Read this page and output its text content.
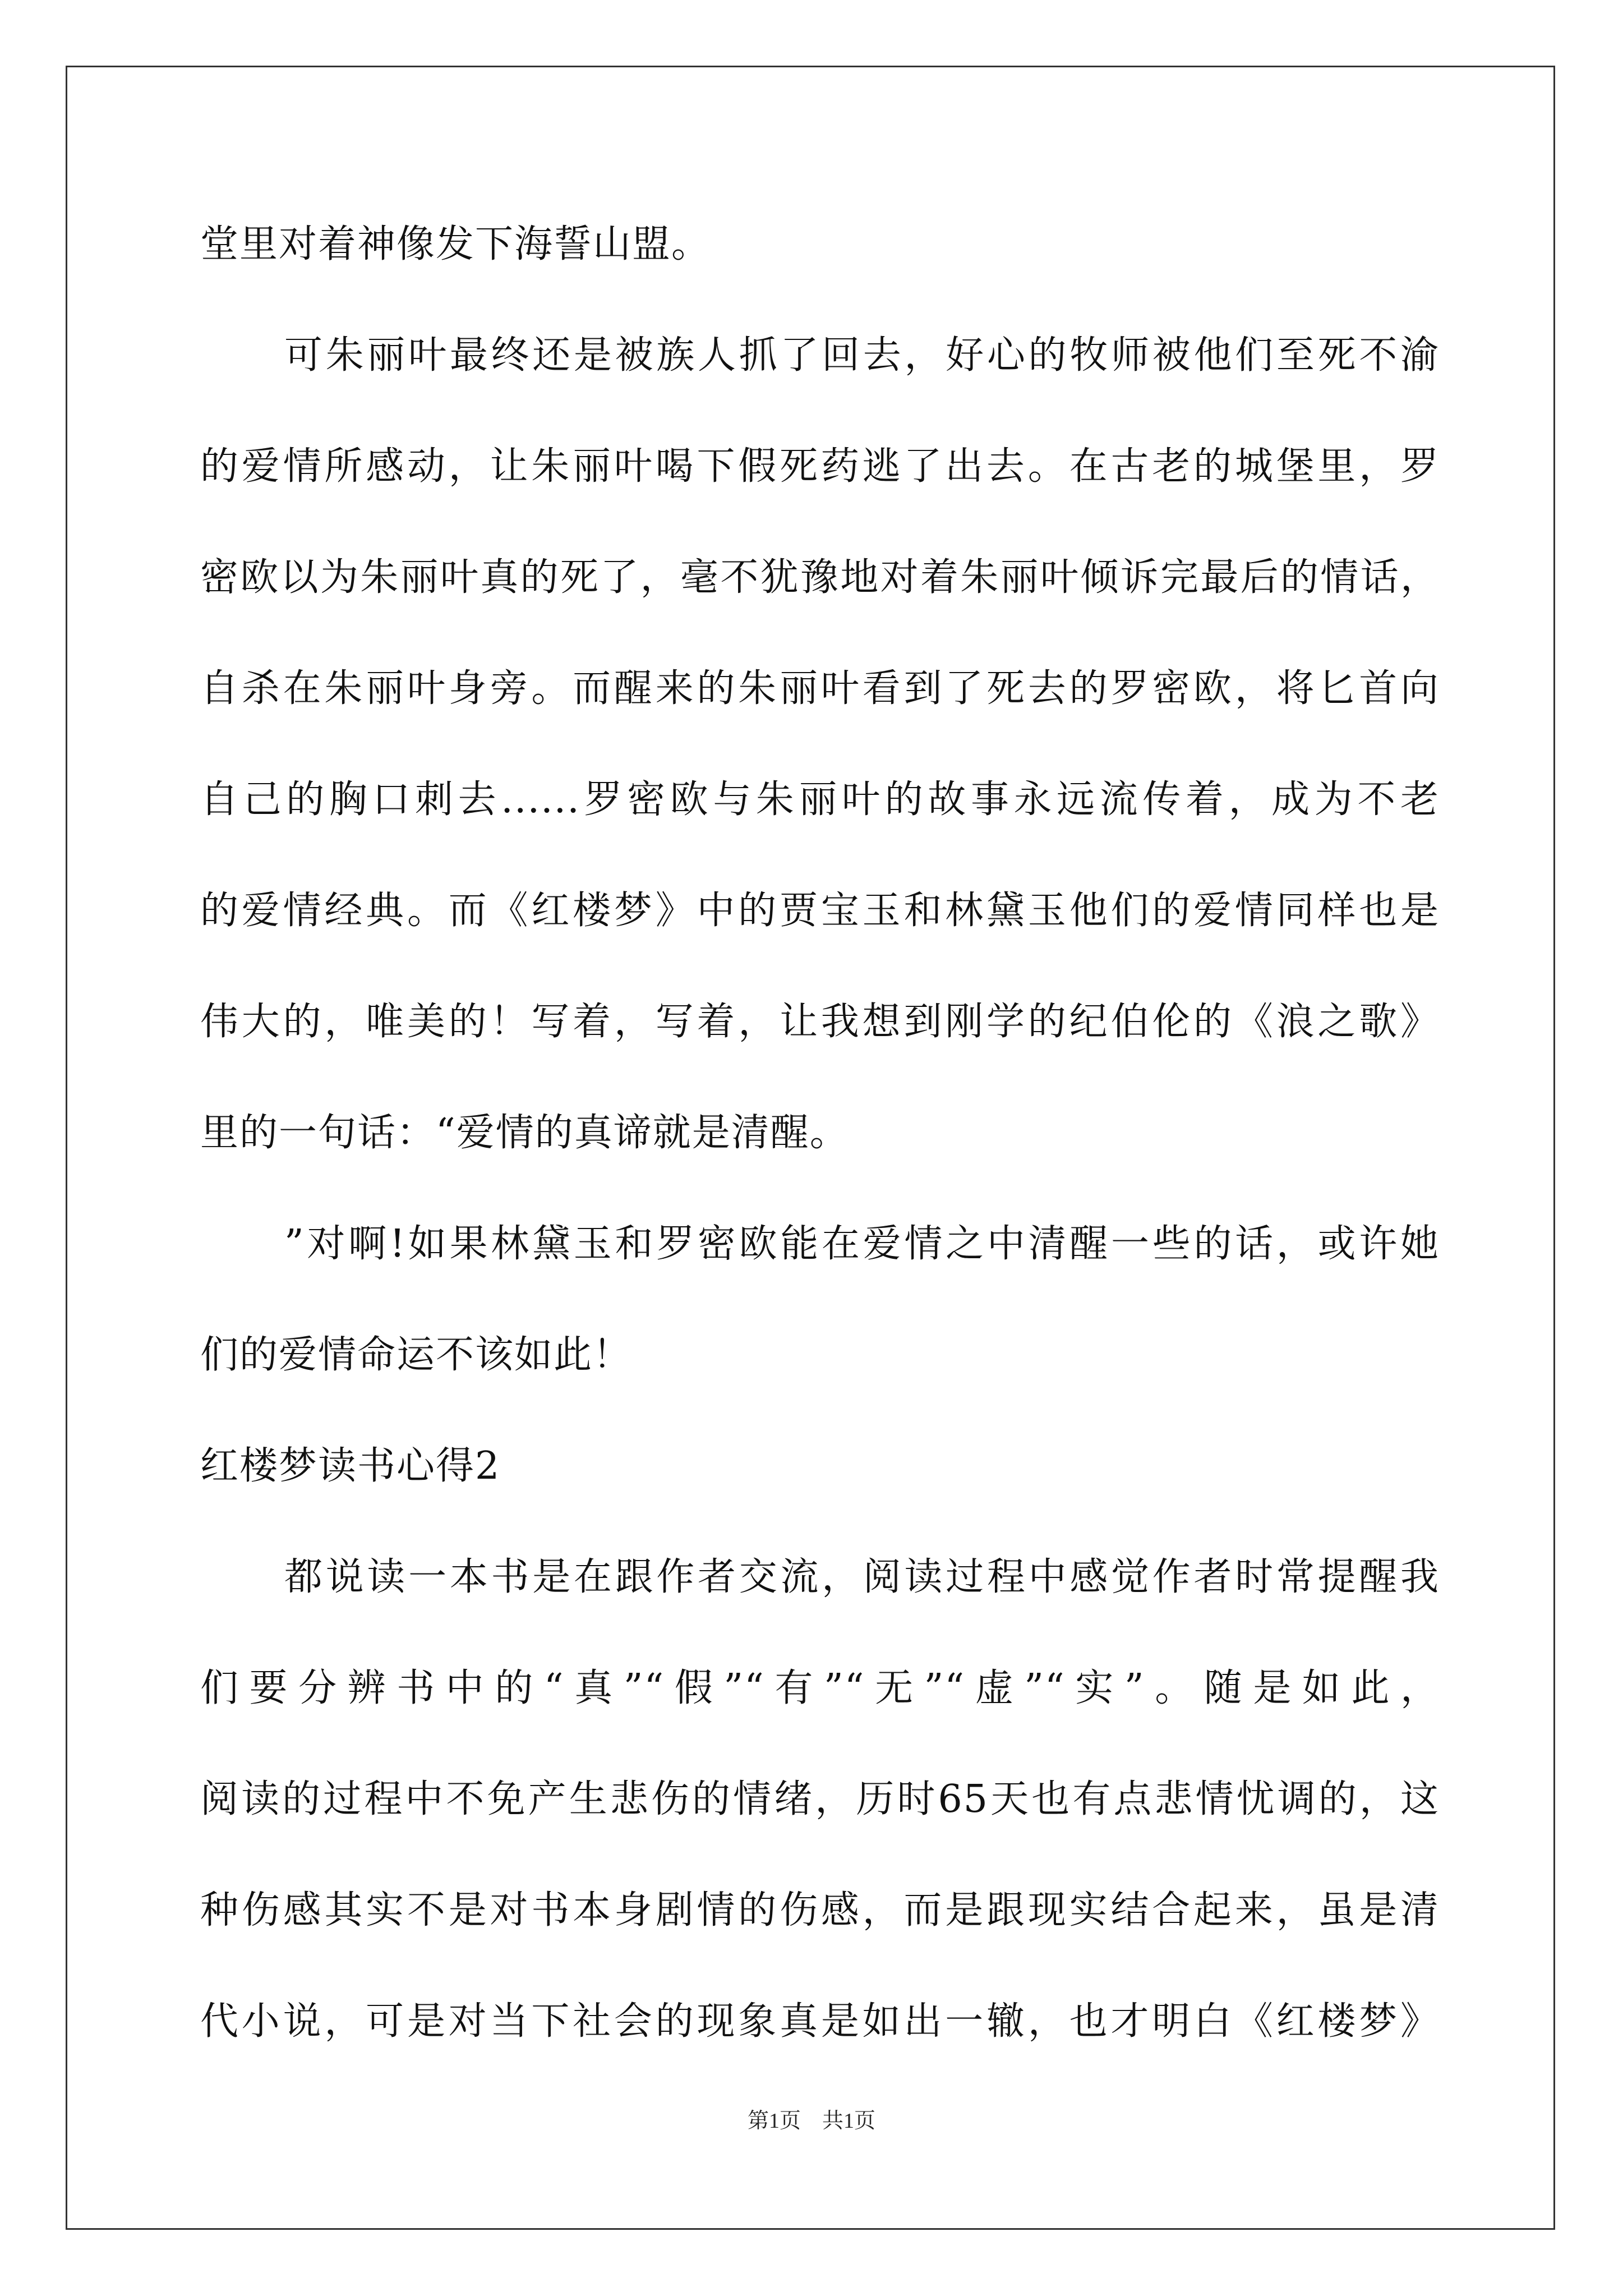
堂里对着神像发下海誓山盟。
可朱丽叶最终还是被族人抓了回去，好心的牧师被他们至死不渝
的爱情所感动，让朱丽叶喝下假死药逃了出去。在古老的城堡里，罗
密欧以为朱丽叶真的死了，毫不犹豫地对着朱丽叶倾诉完最后的情话，
自杀在朱丽叶身旁。而醒来的朱丽叶看到了死去的罗密欧，将匕首向
自己的胸口刺去......罗密欧与朱丽叶的故事永远流传着，成为不老
的爱情经典。而《红楼梦》中的贾宝玉和林黛玉他们的爱情同样也是
伟大的，唯美的！写着，写着，让我想到刚学的纪伯伦的《浪之歌》
里的一句话：“爱情的真谛就是清醒。
”对啊!如果林黛玉和罗密欧能在爱情之中清醒一些的话，或许她
们的爱情命运不该如此！
红楼梦读书心得2
都说读一本书是在跟作者交流，阅读过程中感觉作者时常提醒我
们要分辨书中的“真”“假”“有”“无”“虚”“实”。随是如此，
阅读的过程中不免产生悲伤的情绪，历时65天也有点悲情忧调的，这
种伤感其实不是对书本身剧情的伤感，而是跟现实结合起来，虽是清
代小说，可是对当下社会的现象真是如出一辙，也才明白《红楼梦》
第1页　共1页
